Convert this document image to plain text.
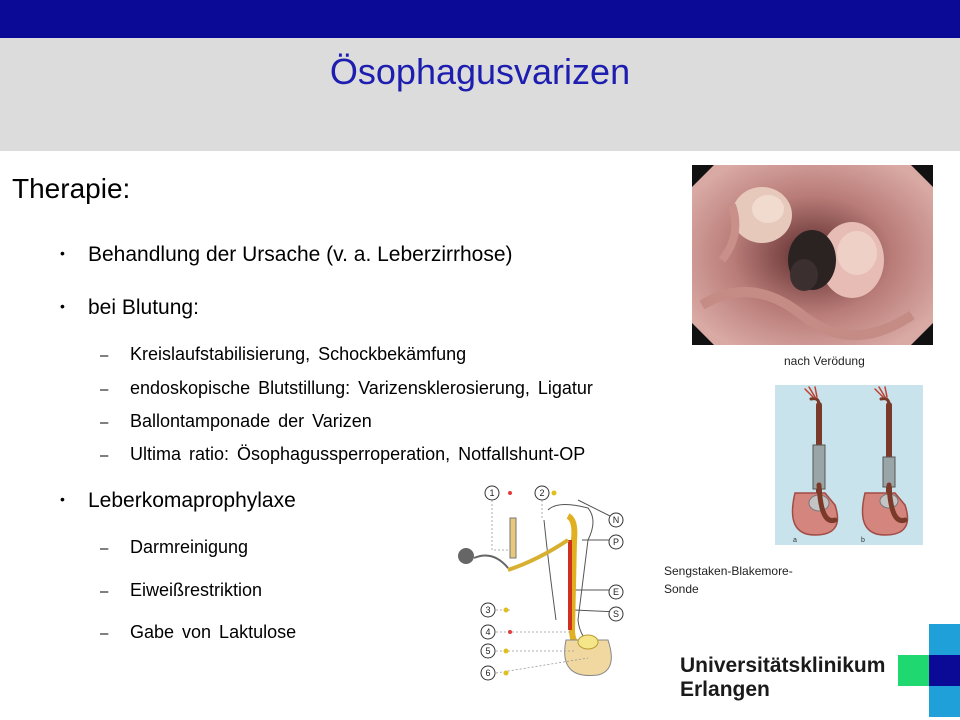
Ösophagusvarizen
Therapie:
• Behandlung der Ursache (v. a. Leberzirrhose)
• bei Blutung:
– Kreislaufstabilisierung, Schockbekämfung
– endoskopische Blutstillung: Varizensklerosierung, Ligatur
– Ballontamponade der Varizen
– Ultima ratio: Ösophagussperroperation, Notfallshunt-OP
• Leberkomaprophylaxe
– Darmreinigung
– Eiweißrestriktion
– Gabe von Laktulose
nach Verödung
a	b
Sengstaken-Blakemore-
Sonde
1	2
3
4
5
6
N
P
E
S
Universitätsklinikum
Erlangen
